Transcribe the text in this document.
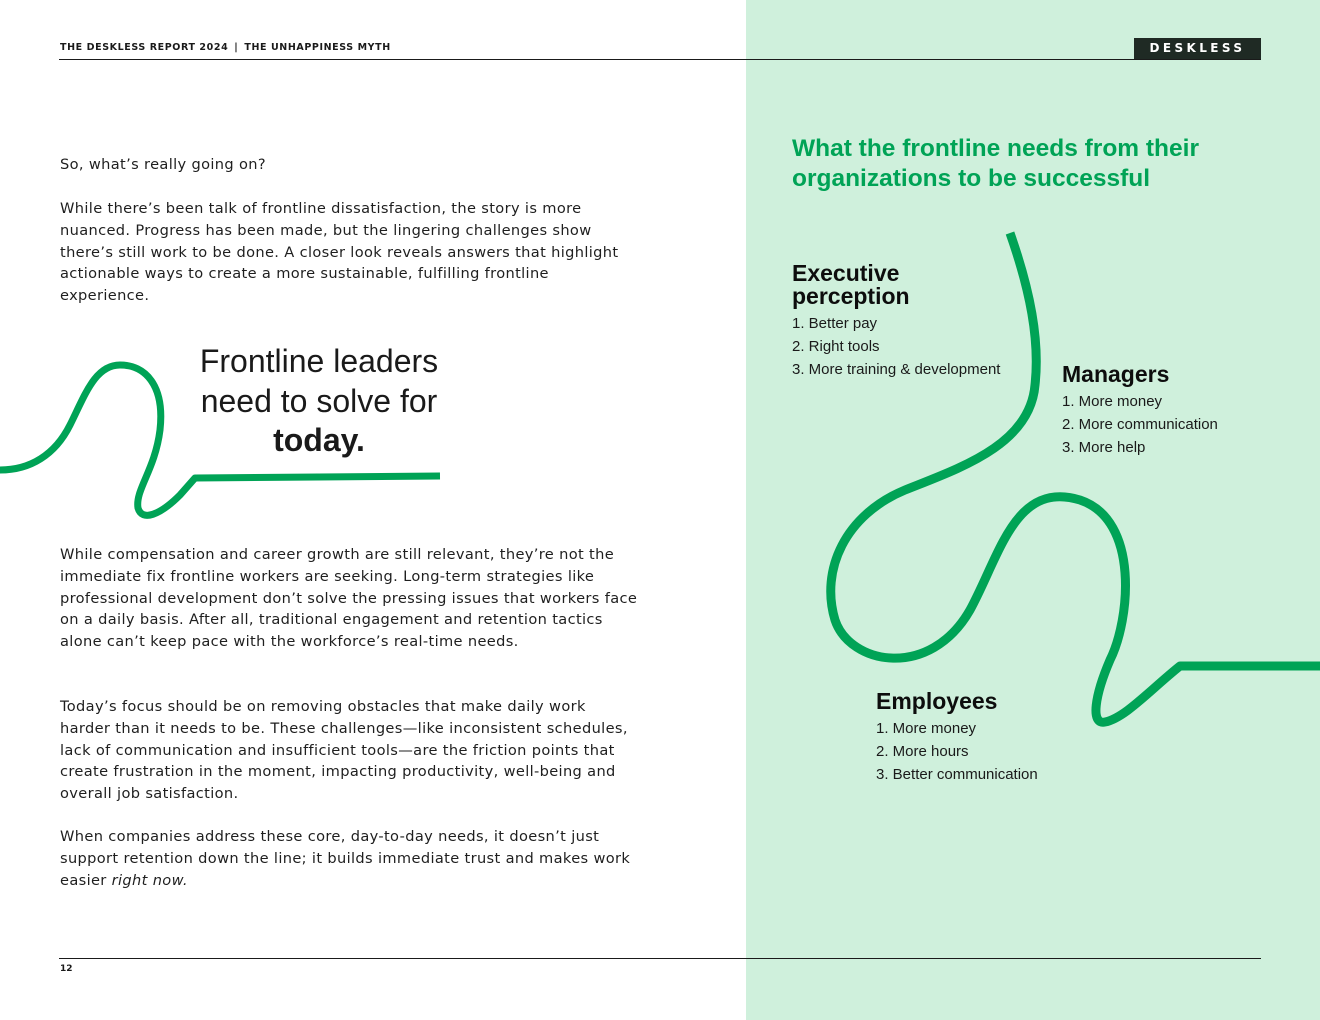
THE DESKLESS REPORT 2024 | THE UNHAPPINESS MYTH	DESKLESS

So, what’s really going on?

While there’s been talk of frontline dissatisfaction, the story is more nuanced. Progress has been made, but the lingering challenges show there’s still work to be done. A closer look reveals answers that highlight actionable ways to create a more sustainable, fulfilling frontline experience.

Frontline leaders need to solve for today.

While compensation and career growth are still relevant, they’re not the immediate fix frontline workers are seeking. Long-term strategies like professional development don’t solve the pressing issues that workers face on a daily basis. After all, traditional engagement and retention tactics alone can’t keep pace with the workforce’s real-time needs.

Today’s focus should be on removing obstacles that make daily work harder than it needs to be. These challenges—like inconsistent schedules, lack of communication and insufficient tools—are the friction points that create frustration in the moment, impacting productivity, well-being and overall job satisfaction.

When companies address these core, day-to-day needs, it doesn’t just support retention down the line; it builds immediate trust and makes work easier right now.

12
What the frontline needs from their organizations to be successful
Executive
perception
1. Better pay
2. Right tools
3. More training & development	Managers
1. More money
2. More communication
3. More help
Employees
1. More money
2. More hours
3. Better communication
